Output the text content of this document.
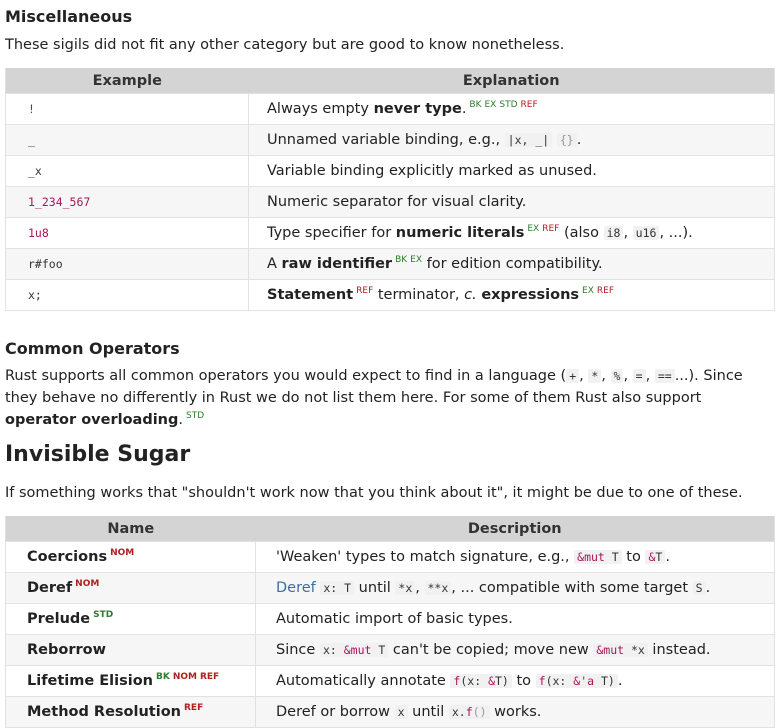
Miscellaneous

These sigils did not fit any other category but are good to know nonetheless.

Example	Explanation
!	Always empty never type. $^{BK EX STD REF}$
_	Unnamed variable binding, e.g., |x, _| {} .
_x	Variable binding explicitly marked as unused.
1_234_567	Numeric separator for visual clarity.
1u8	Type specifier for numeric literals $^{EX REF}$ (also i8 , u16 , ...).
r#foo	A raw identifier $^{BK EX}$ for edition compatibility.
x;	Statement $^{REF}$ terminator, c. expressions $^{EX REF}$
Common Operators

Rust supports all common operators you would expect to find in a language ( + , * , % , = , == ...). Since they behave no differently in Rust we do not list them here. For some of them Rust also support operator overloading. $^{STD}$

Invisible Sugar

If something works that "shouldn't work now that you think about it", it might be due to one of these.

Name	Description
Coercions $^{NOM}$	'Weaken' types to match signature, e.g., &mut T to &T .
Deref $^{NOM}$	Deref x: T until *x , **x , ... compatible with some target S .
Prelude $^{STD}$	Automatic import of basic types.
Reborrow	Since x: &mut T can't be copied; move new &mut *x instead.
Lifetime Elision $^{BK NOM REF}$	Automatically annotate f(x: &T) to f(x: &'a T) .
Method Resolution $^{REF}$	Deref or borrow x until x.f() works.
